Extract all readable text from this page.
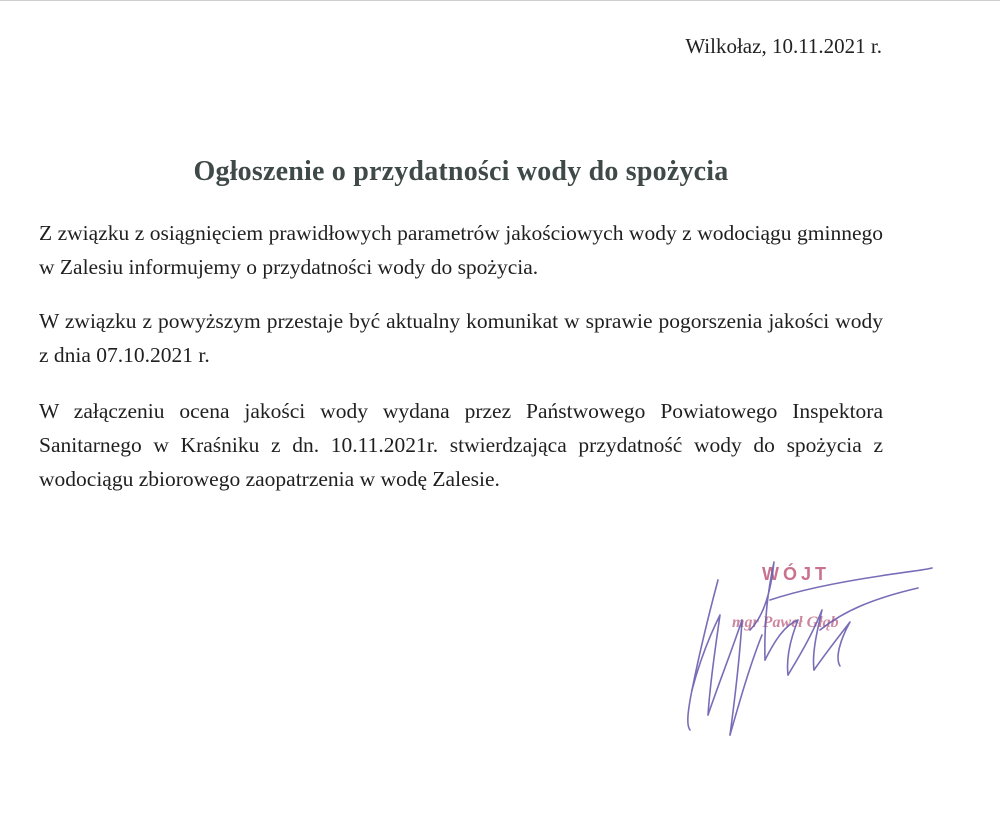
Wilkołaz, 10.11.2021 r.
Ogłoszenie o przydatności wody do spożycia
Z związku z osiągnięciem prawidłowych parametrów jakościowych wody z wodociągu gminnego w Zalesiu informujemy o przydatności wody do spożycia.
W związku z powyższym przestaje być aktualny komunikat w sprawie pogorszenia jakości wody z dnia 07.10.2021 r.
W załączeniu ocena jakości wody wydana przez Państwowego Powiatowego Inspektora Sanitarnego w Kraśniku z dn. 10.11.2021r. stwierdzająca przydatność wody do spożycia z wodociągu zbiorowego zaopatrzenia w wodę Zalesie.
WÓJT
mgr Paweł Głąb
